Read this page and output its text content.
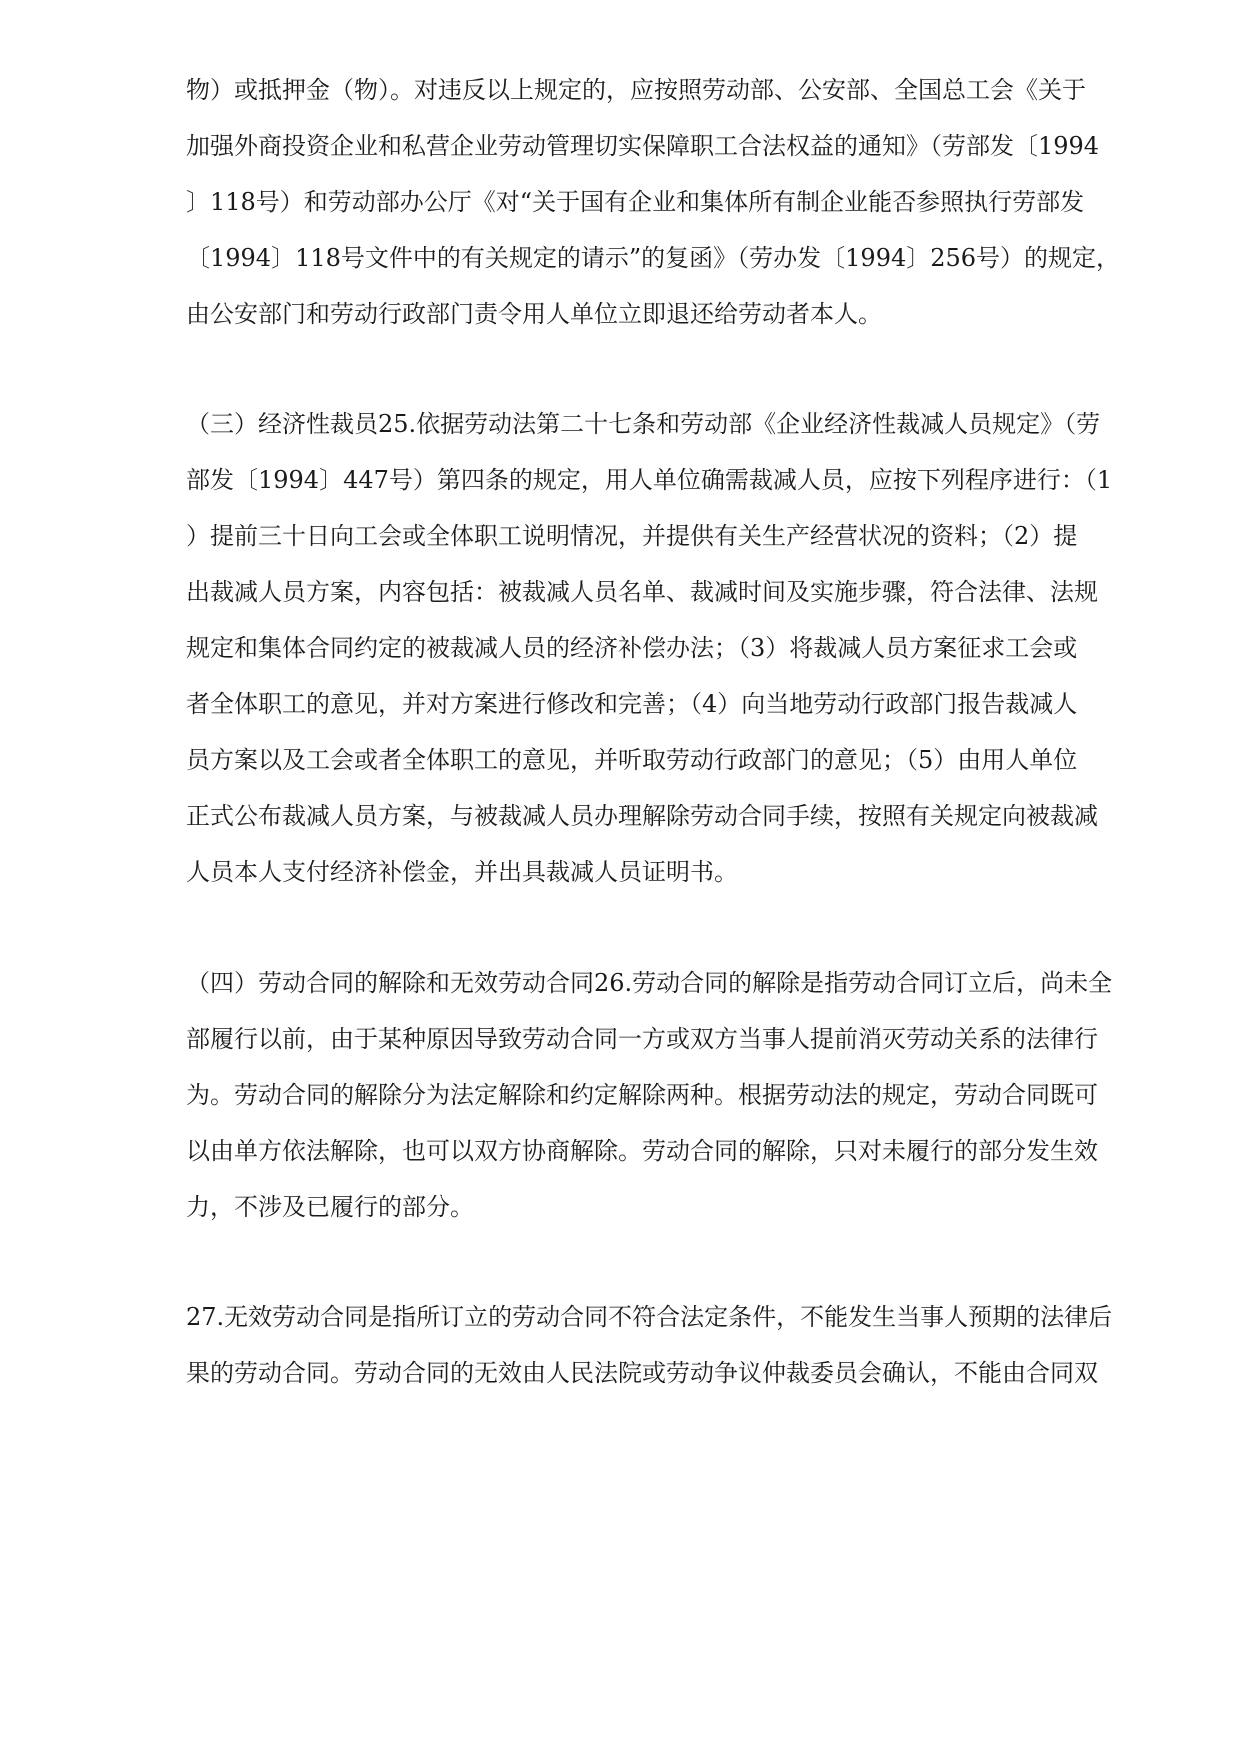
物）或抵押金（物）。对违反以上规定的，应按照劳动部、公安部、全国总工会《关于
加强外商投资企业和私营企业劳动管理切实保障职工合法权益的通知》（劳部发〔1994
〕118号）和劳动部办公厅《对“关于国有企业和集体所有制企业能否参照执行劳部发
〔1994〕118号文件中的有关规定的请示”的复函》（劳办发〔1994〕256号）的规定，
由公安部门和劳动行政部门责令用人单位立即退还给劳动者本人。
（三）经济性裁员25.依据劳动法第二十七条和劳动部《企业经济性裁减人员规定》（劳
部发〔1994〕447号）第四条的规定，用人单位确需裁减人员，应按下列程序进行：（1
）提前三十日向工会或全体职工说明情况，并提供有关生产经营状况的资料；（2）提
出裁减人员方案，内容包括：被裁减人员名单、裁减时间及实施步骤，符合法律、法规
规定和集体合同约定的被裁减人员的经济补偿办法；（3）将裁减人员方案征求工会或
者全体职工的意见，并对方案进行修改和完善；（4）向当地劳动行政部门报告裁减人
员方案以及工会或者全体职工的意见，并听取劳动行政部门的意见；（5）由用人单位
正式公布裁减人员方案，与被裁减人员办理解除劳动合同手续，按照有关规定向被裁减
人员本人支付经济补偿金，并出具裁减人员证明书。
（四）劳动合同的解除和无效劳动合同26.劳动合同的解除是指劳动合同订立后，尚未全
部履行以前，由于某种原因导致劳动合同一方或双方当事人提前消灭劳动关系的法律行
为。劳动合同的解除分为法定解除和约定解除两种。根据劳动法的规定，劳动合同既可
以由单方依法解除，也可以双方协商解除。劳动合同的解除，只对未履行的部分发生效
力，不涉及已履行的部分。
27.无效劳动合同是指所订立的劳动合同不符合法定条件，不能发生当事人预期的法律后
果的劳动合同。劳动合同的无效由人民法院或劳动争议仲裁委员会确认，不能由合同双
